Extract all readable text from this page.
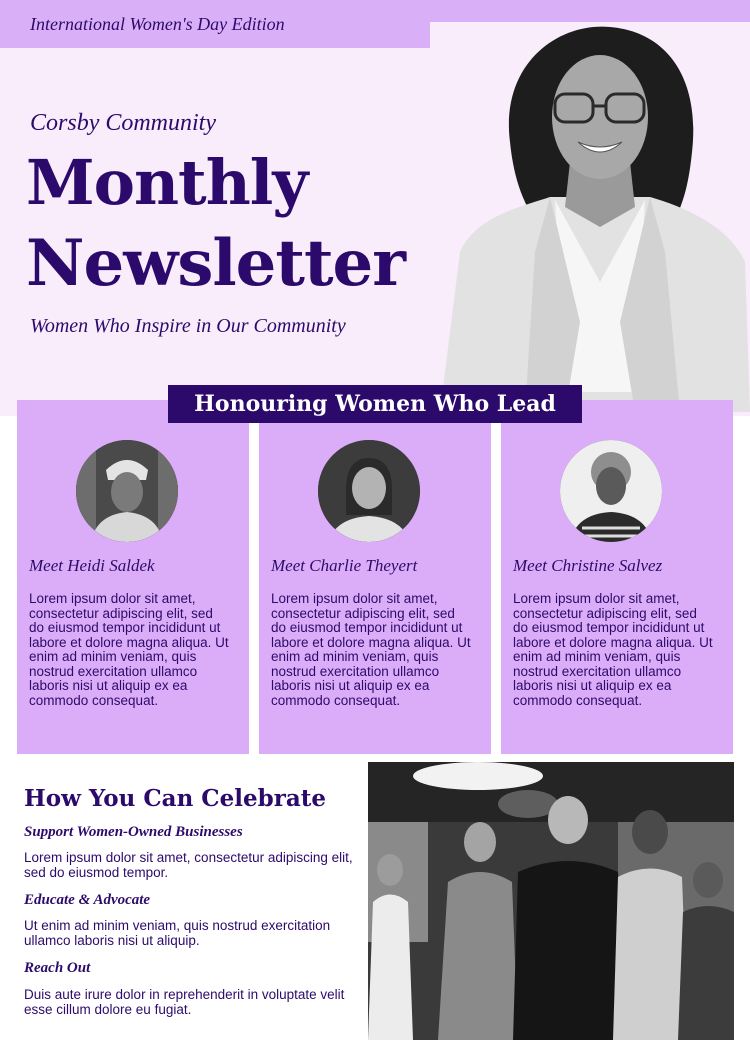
International Women's Day Edition
Corsby Community
Monthly
Newsletter
Women Who Inspire in Our Community
Honouring Women Who Lead
Meet Heidi Saldek
Lorem ipsum dolor sit amet, consectetur adipiscing elit, sed do eiusmod tempor incididunt ut labore et dolore magna aliqua. Ut enim ad minim veniam, quis nostrud exercitation ullamco laboris nisi ut aliquip ex ea commodo consequat.
Meet Charlie Theyert
Lorem ipsum dolor sit amet, consectetur adipiscing elit, sed do eiusmod tempor incididunt ut labore et dolore magna aliqua. Ut enim ad minim veniam, quis nostrud exercitation ullamco laboris nisi ut aliquip ex ea commodo consequat.
Meet Christine Salvez
Lorem ipsum dolor sit amet, consectetur adipiscing elit, sed do eiusmod tempor incididunt ut labore et dolore magna aliqua. Ut enim ad minim veniam, quis nostrud exercitation ullamco laboris nisi ut aliquip ex ea commodo consequat.
How You Can Celebrate
Support Women-Owned Businesses
Lorem ipsum dolor sit amet, consectetur adipiscing elit, sed do eiusmod tempor.
Educate & Advocate
Ut enim ad minim veniam, quis nostrud exercitation ullamco laboris nisi ut aliquip.
Reach Out
Duis aute irure dolor in reprehenderit in voluptate velit esse cillum dolore eu fugiat.
